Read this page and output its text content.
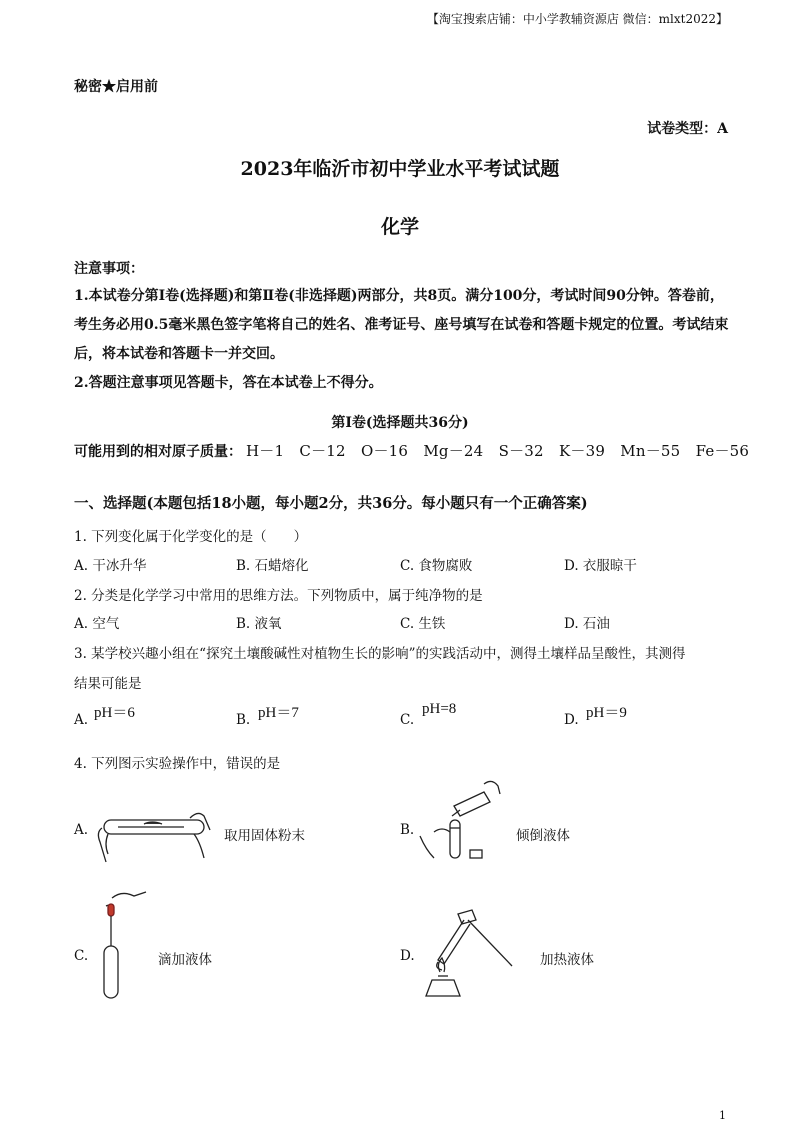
【淘宝搜索店铺：中小学教辅资源店 微信：mlxt2022】
秘密★启用前
试卷类型：A
2023年临沂市初中学业水平考试试题
化学
注意事项：

1.本试卷分第Ⅰ卷(选择题)和第Ⅱ卷(非选择题)两部分，共8页。满分100分，考试时间90分钟。答卷前，考生务必用0.5毫米黑色签字笔将自己的姓名、准考证号、座号填写在试卷和答题卡规定的位置。考试结束后，将本试卷和答题卡一并交回。

2.答题注意事项见答题卡，答在本试卷上不得分。

第Ⅰ卷(选择题共36分)
可能用到的相对原子质量： H－1　C－12　O－16　Mg－24　S－32　K－39　Mn－55　Fe－56
一、选择题(本题包括18小题，每小题2分，共36分。每小题只有一个正确答案)
1. 下列变化属于化学变化的是（　　）
A. 干冰升华	B. 石蜡熔化	C. 食物腐败	D. 衣服晾干
2. 分类是化学学习中常用的思维方法。下列物质中，属于纯净物的是
A. 空气	B. 液氧	C. 生铁	D. 石油
3. 某学校兴趣小组在“探究土壤酸碱性对植物生长的影响”的实践活动中，测得土壤样品呈酸性，其测得
结果可能是
A. pH＝6	B. pH＝7	C.
pH=8
D. pH＝9
4. 下列图示实验操作中，错误的是
A.	取用固体粉末	B.	倾倒液体
C.	滴加液体	D.	加热液体
1
